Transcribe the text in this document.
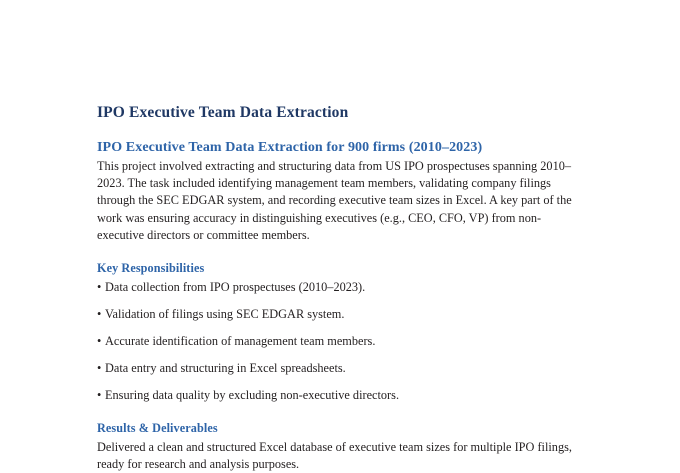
IPO Executive Team Data Extraction
IPO Executive Team Data Extraction for 900 firms (2010–2023)

This project involved extracting and structuring data from US IPO prospectuses spanning 2010–2023. The task included identifying management team members, validating company filings through the SEC EDGAR system, and recording executive team sizes in Excel. A key part of the work was ensuring accuracy in distinguishing executives (e.g., CEO, CFO, VP) from non-executive directors or committee members.

Key Responsibilities
• Data collection from IPO prospectuses (2010–2023).
• Validation of filings using SEC EDGAR system.
• Accurate identification of management team members.
• Data entry and structuring in Excel spreadsheets.
• Ensuring data quality by excluding non-executive directors.
Results & Deliverables

Delivered a clean and structured Excel database of executive team sizes for multiple IPO filings, ready for research and analysis purposes.
